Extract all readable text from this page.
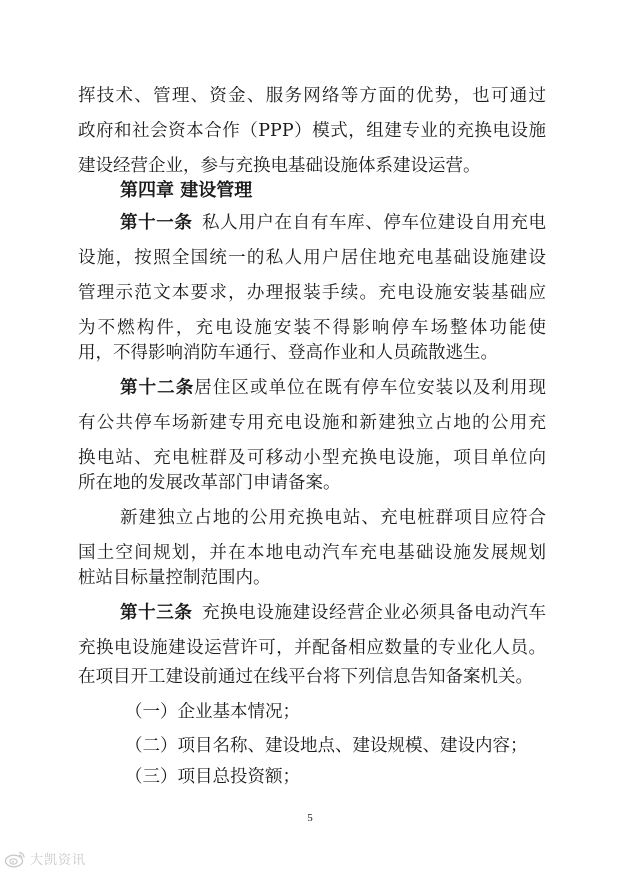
挥技术、管理、资金、服务网络等方面的优势，也可通过
政府和社会资本合作（PPP）模式，组建专业的充换电设施
建设经营企业，参与充换电基础设施体系建设运营。
第四章 建设管理
第十一条  私人用户在自有车库、停车位建设自用充电
设施，按照全国统一的私人用户居住地充电基础设施建设
管理示范文本要求，办理报装手续。充电设施安装基础应
为不燃构件，充电设施安装不得影响停车场整体功能使
用，不得影响消防车通行、登高作业和人员疏散逃生。
第十二条居住区或单位在既有停车位安装以及利用现
有公共停车场新建专用充电设施和新建独立占地的公用充
换电站、充电桩群及可移动小型充换电设施，项目单位向
所在地的发展改革部门申请备案。
新建独立占地的公用充换电站、充电桩群项目应符合
国土空间规划，并在本地电动汽车充电基础设施发展规划
桩站目标量控制范围内。
第十三条  充换电设施建设经营企业必须具备电动汽车
充换电设施建设运营许可，并配备相应数量的专业化人员。
在项目开工建设前通过在线平台将下列信息告知备案机关。
（一）企业基本情况；
（二）项目名称、建设地点、建设规模、建设内容；
（三）项目总投资额；
5
大凯资讯
